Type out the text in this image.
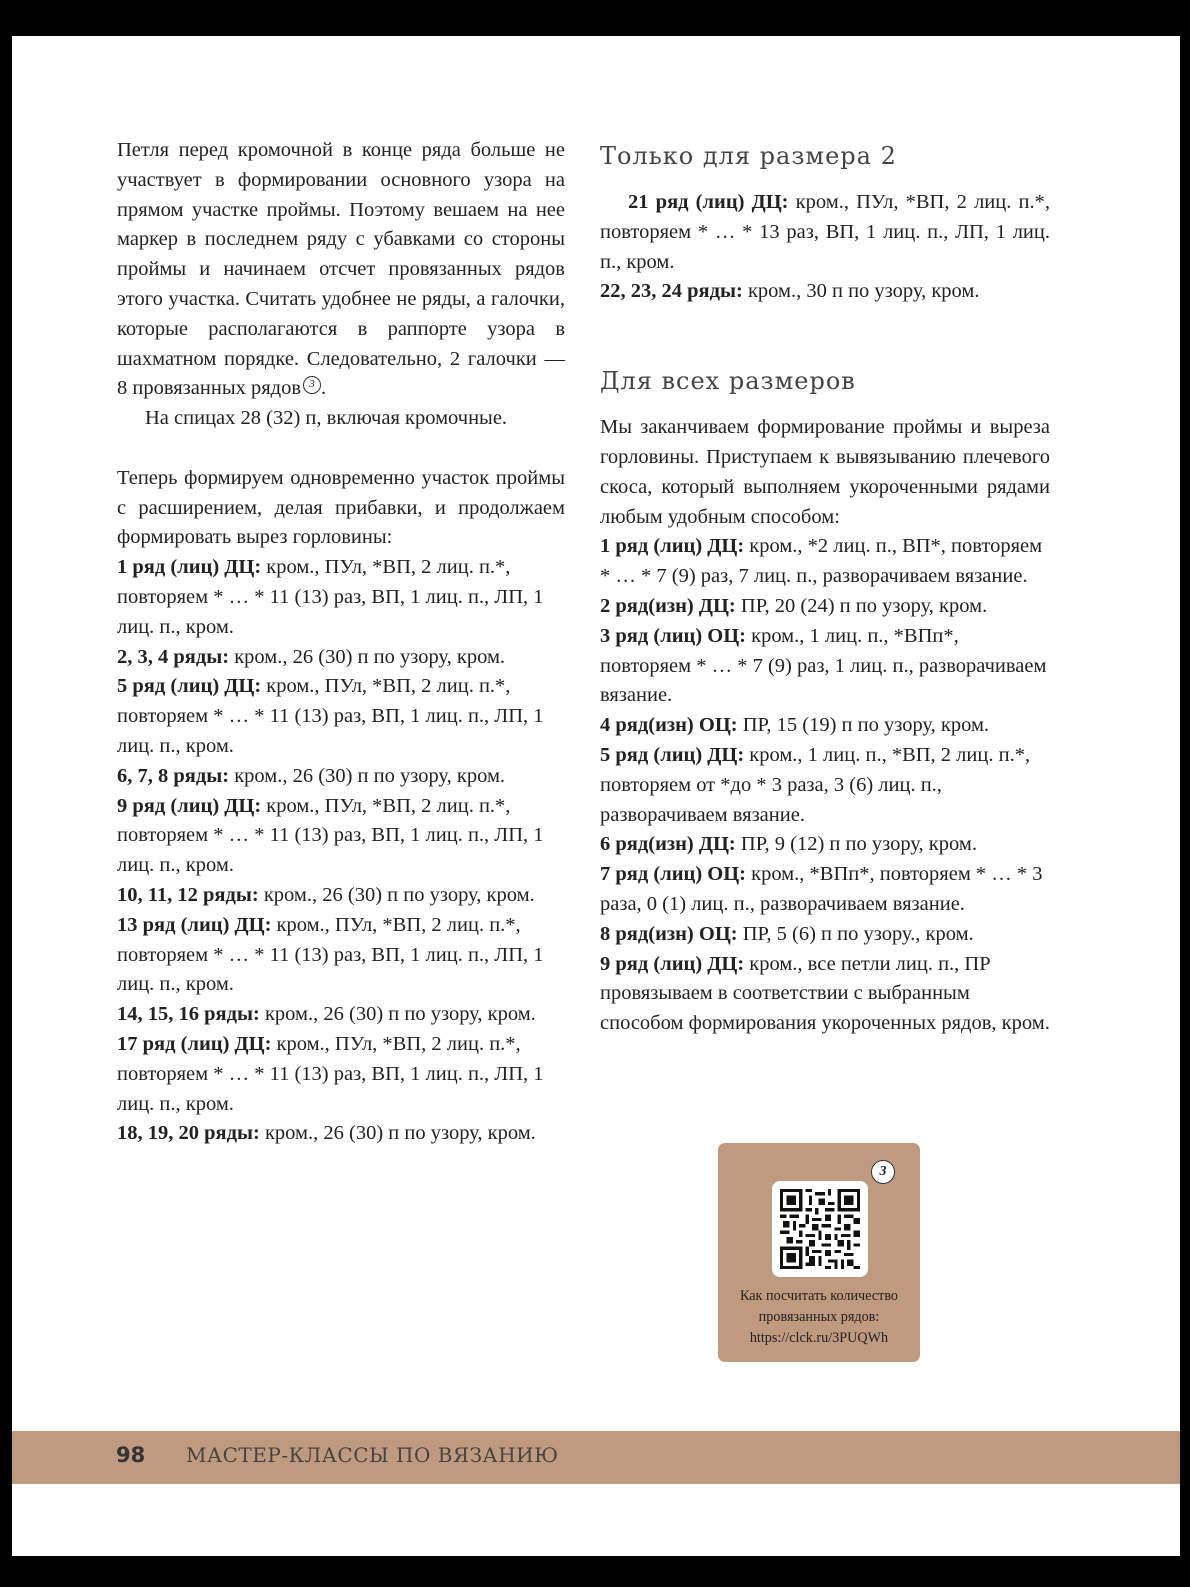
Петля перед кромочной в конце ряда больше не участвует в формировании основного узора на прямом участке проймы. Поэтому вешаем на нее маркер в последнем ряду с убавками со стороны проймы и начинаем отсчет провязанных рядов этого участка. Считать удобнее не ряды, а галочки, которые располагаются в раппорте узора в шахматном порядке. Следовательно, 2 галочки — 8 провязанных рядов 3 .

На спицах 28 (32) п, включая кромочные.

Теперь формируем одновременно участок проймы с расширением, делая прибавки, и продолжаем формировать вырез горловины:

1 ряд (лиц) ДЦ: кром., ПУл, *ВП, 2 лиц. п.*, повторяем * … * 11 (13) раз, ВП, 1 лиц. п., ЛП, 1 лиц. п., кром.

2, 3, 4 ряды: кром., 26 (30) п по узору, кром.

5 ряд (лиц) ДЦ: кром., ПУл, *ВП, 2 лиц. п.*, повторяем * … * 11 (13) раз, ВП, 1 лиц. п., ЛП, 1 лиц. п., кром.

6, 7, 8 ряды: кром., 26 (30) п по узору, кром.

9 ряд (лиц) ДЦ: кром., ПУл, *ВП, 2 лиц. п.*, повторяем * … * 11 (13) раз, ВП, 1 лиц. п., ЛП, 1 лиц. п., кром.

10, 11, 12 ряды: кром., 26 (30) п по узору, кром.

13 ряд (лиц) ДЦ: кром., ПУл, *ВП, 2 лиц. п.*, повторяем * … * 11 (13) раз, ВП, 1 лиц. п., ЛП, 1 лиц. п., кром.

14, 15, 16 ряды: кром., 26 (30) п по узору, кром.

17 ряд (лиц) ДЦ: кром., ПУл, *ВП, 2 лиц. п.*, повторяем * … * 11 (13) раз, ВП, 1 лиц. п., ЛП, 1 лиц. п., кром.

18, 19, 20 ряды: кром., 26 (30) п по узору, кром.

Только для размера 2

21 ряд (лиц) ДЦ: кром., ПУл, *ВП, 2 лиц. п.*, повторяем * … * 13 раз, ВП, 1 лиц. п., ЛП, 1 лиц. п., кром.

22, 23, 24 ряды: кром., 30 п по узору, кром.

Для всех размеров

Мы заканчиваем формирование проймы и выреза горловины. Приступаем к вывязыванию плечевого скоса, который выполняем укороченными рядами любым удобным способом:

1 ряд (лиц) ДЦ: кром., *2 лиц. п., ВП*, повторяем * … * 7 (9) раз, 7 лиц. п., разворачиваем вязание.

2 ряд(изн) ДЦ: ПР, 20 (24) п по узору, кром.

3 ряд (лиц) ОЦ: кром., 1 лиц. п., *ВПп*, повторяем * … * 7 (9) раз, 1 лиц. п., разворачиваем вязание.

4 ряд(изн) ОЦ: ПР, 15 (19) п по узору, кром.

5 ряд (лиц) ДЦ: кром., 1 лиц. п., *ВП, 2 лиц. п.*, повторяем от *до * 3 раза, 3 (6) лиц. п., разворачиваем вязание.

6 ряд(изн) ДЦ: ПР, 9 (12) п по узору, кром.

7 ряд (лиц) ОЦ: кром., *ВПп*, повторяем * … * 3 раза, 0 (1) лиц. п., разворачиваем вязание.

8 ряд(изн) ОЦ: ПР, 5 (6) п по узору., кром.

9 ряд (лиц) ДЦ: кром., все петли лиц. п., ПР провязываем в соответствии с выбранным способом формирования укороченных рядов, кром.

3
Как посчитать количество
провязанных рядов:
https://clck.ru/3PUQWh
98 МАСТЕР-КЛАССЫ ПО ВЯЗАНИЮ
